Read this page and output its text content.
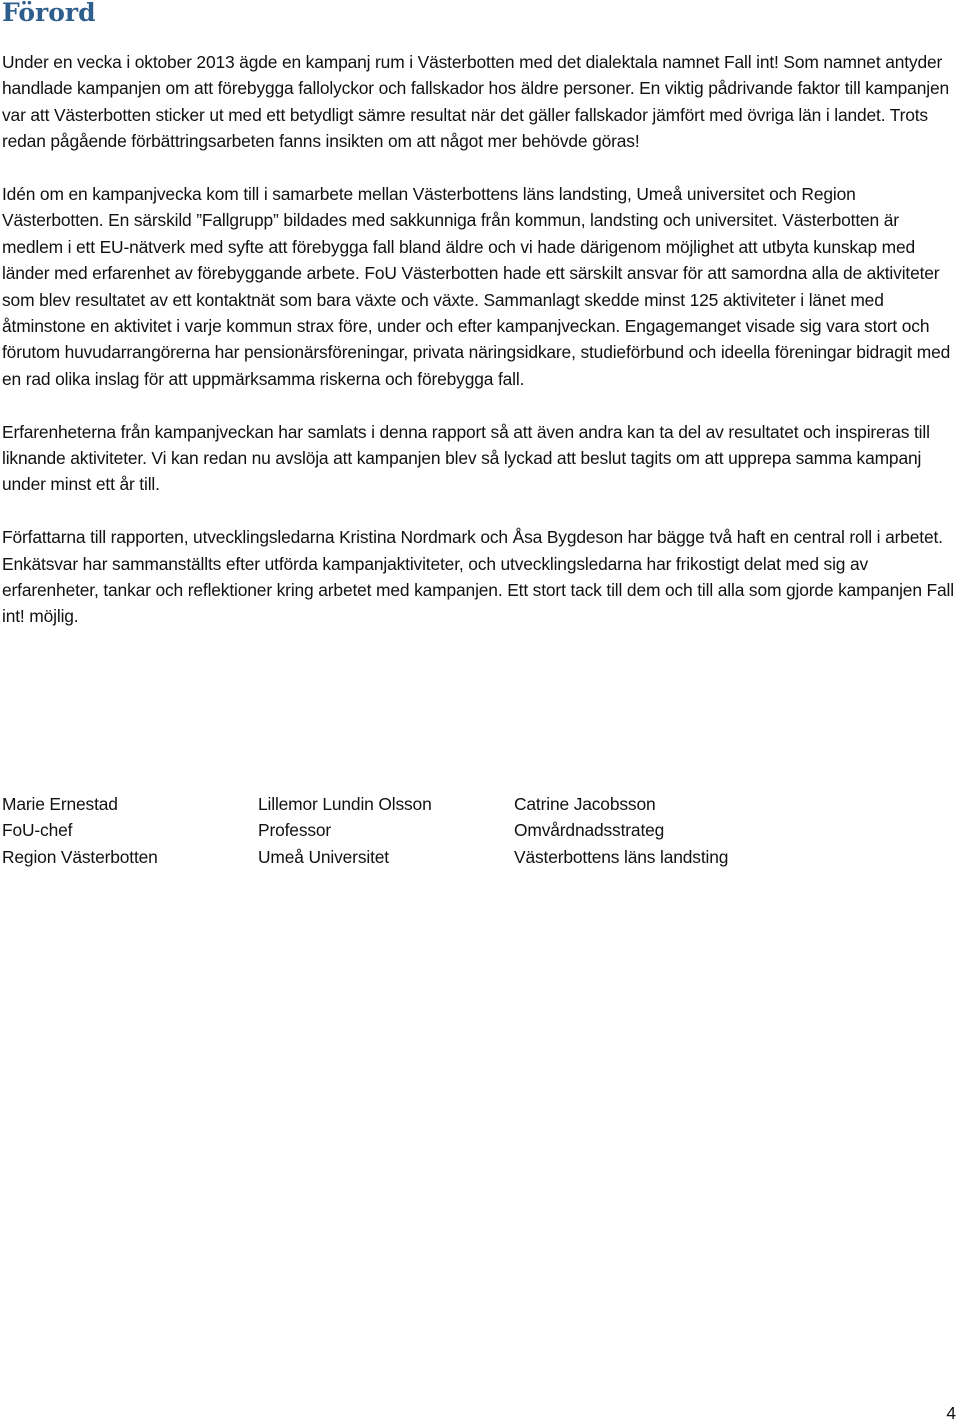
Förord

Under en vecka i oktober 2013 ägde en kampanj rum i Västerbotten med det dialektala namnet Fall int! Som namnet antyder handlade kampanjen om att förebygga fallolyckor och fallskador hos äldre personer. En viktig pådrivande faktor till kampanjen var att Västerbotten sticker ut med ett betydligt sämre resultat när det gäller fallskador jämfört med övriga län i landet. Trots redan pågående förbättringsarbeten fanns insikten om att något mer behövde göras!

Idén om en kampanjvecka kom till i samarbete mellan Västerbottens läns landsting, Umeå universitet och Region Västerbotten. En särskild ”Fallgrupp” bildades med sakkunniga från kommun, landsting och universitet. Västerbotten är medlem i ett EU-nätverk med syfte att förebygga fall bland äldre och vi hade därigenom möjlighet att utbyta kunskap med länder med erfarenhet av förebyggande arbete. FoU Västerbotten hade ett särskilt ansvar för att samordna alla de aktiviteter som blev resultatet av ett kontaktnät som bara växte och växte. Sammanlagt skedde minst 125 aktiviteter i länet med åtminstone en aktivitet i varje kommun strax före, under och efter kampanjveckan. Engagemanget visade sig vara stort och förutom huvudarrangörerna har pensionärsföreningar, privata näringsidkare, studieförbund och ideella föreningar bidragit med en rad olika inslag för att uppmärksamma riskerna och förebygga fall.

Erfarenheterna från kampanjveckan har samlats i denna rapport så att även andra kan ta del av resultatet och inspireras till liknande aktiviteter. Vi kan redan nu avslöja att kampanjen blev så lyckad att beslut tagits om att upprepa samma kampanj under minst ett år till.

Författarna till rapporten, utvecklingsledarna Kristina Nordmark och Åsa Bygdeson har bägge två haft en central roll i arbetet. Enkätsvar har sammanställts efter utförda kampanjaktiviteter, och utvecklingsledarna har frikostigt delat med sig av erfarenheter, tankar och reflektioner kring arbetet med kampanjen. Ett stort tack till dem och till alla som gjorde kampanjen Fall int! möjlig.

Marie Ernestad
FoU-chef
Region Västerbotten
Lillemor Lundin Olsson
Professor
Umeå Universitet
Catrine Jacobsson
Omvårdnadsstrateg
Västerbottens läns landsting
4
